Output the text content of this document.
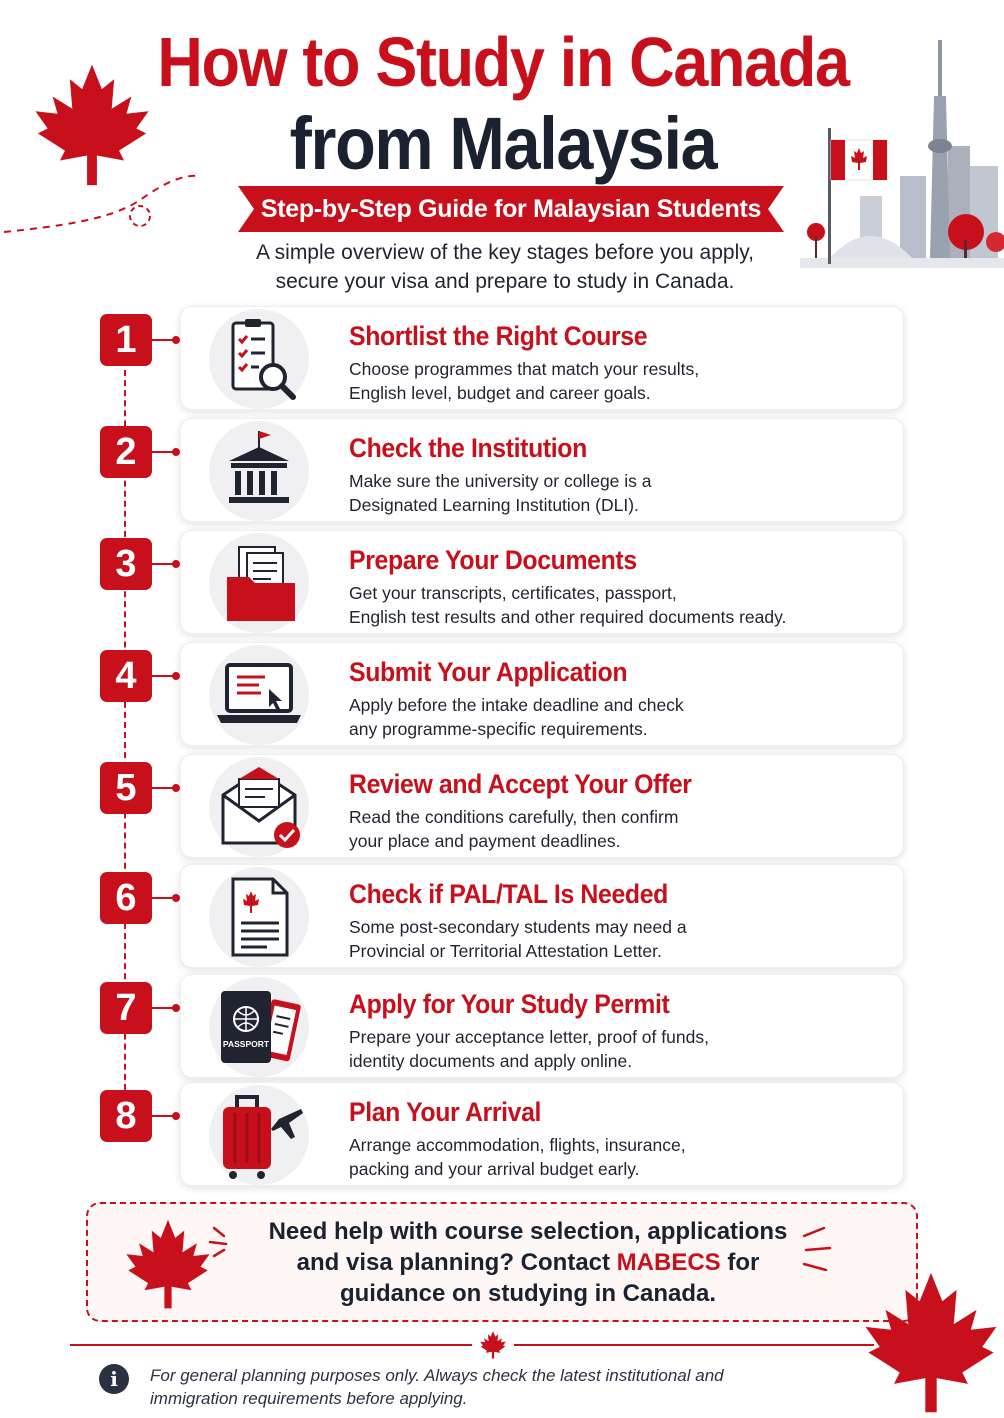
How to Study in Canada
from Malaysia
Step-by-Step Guide for Malaysian Students
A simple overview of the key stages before you apply,
secure your visa and prepare to study in Canada.
1	Shortlist the Right Course
Choose programmes that match your results,
English level, budget and career goals.
2	Check the Institution
Make sure the university or college is a
Designated Learning Institution (DLI).
3	Prepare Your Documents
Get your transcripts, certificates, passport,
English test results and other required documents ready.
4	Submit Your Application
Apply before the intake deadline and check
any programme-specific requirements.
5	Review and Accept Your Offer
Read the conditions carefully, then confirm
your place and payment deadlines.
6	Check if PAL/TAL Is Needed
Some post-secondary students may need a
Provincial or Territorial Attestation Letter.
7
PASSPORT
Apply for Your Study Permit
Prepare your acceptance letter, proof of funds,
identity documents and apply online.
8	Plan Your Arrival
Arrange accommodation, flights, insurance,
packing and your arrival budget early.
Need help with course selection, applications
and visa planning? Contact MABECS for
guidance on studying in Canada.
i	For general planning purposes only. Always check the latest institutional and
immigration requirements before applying.
